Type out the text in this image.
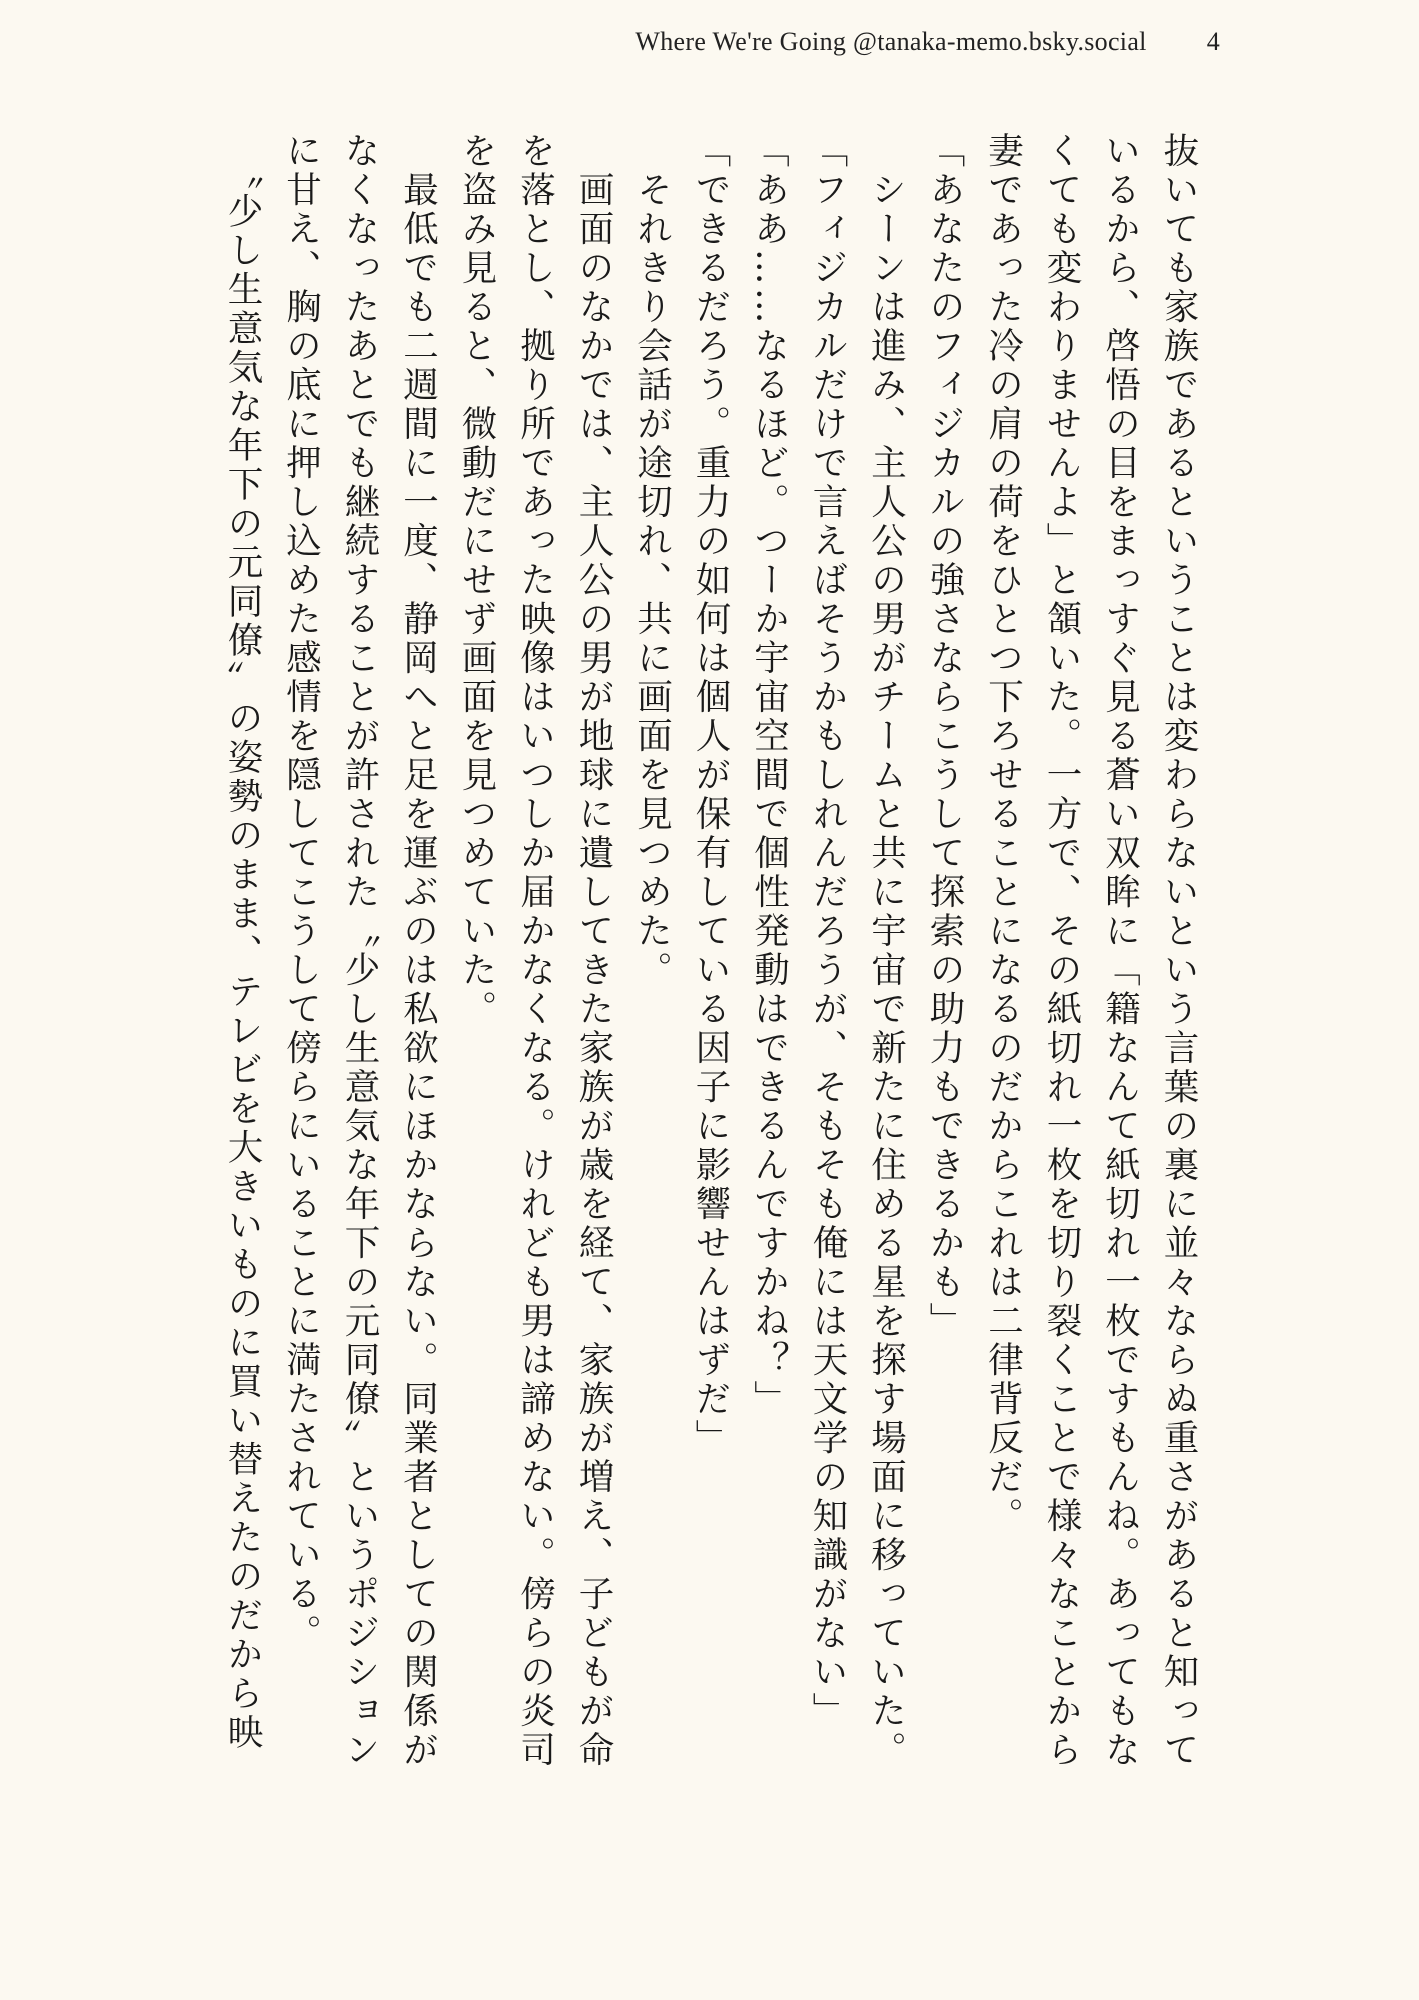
Where We're Going @tanaka-memo.bsky.social 4
抜いても家族であるということは変わらないという言葉の裏に並々ならぬ重さがあると知って
いるから、啓悟の目をまっすぐ見る蒼い双眸に「籍なんて紙切れ一枚ですもんね。あってもな
くても変わりませんよ」と頷いた。一方で、その紙切れ一枚を切り裂くことで様々なことから
妻であった冷の肩の荷をひとつ下ろせることになるのだからこれは二律背反だ。
「あなたのフィジカルの強さならこうして探索の助力もできるかも」
　シーンは進み、主人公の男がチームと共に宇宙で新たに住める星を探す場面に移っていた。
「フィジカルだけで言えばそうかもしれんだろうが、そもそも俺には天文学の知識がない」
「ああ……なるほど。つーか宇宙空間で個性発動はできるんですかね？」
「できるだろう。重力の如何は個人が保有している因子に影響せんはずだ」
　それきり会話が途切れ、共に画面を見つめた。
　画面のなかでは、主人公の男が地球に遺してきた家族が歳を経て、家族が増え、子どもが命
を落とし、拠り所であった映像はいつしか届かなくなる。けれども男は諦めない。傍らの炎司
を盗み見ると、微動だにせず画面を見つめていた。
　最低でも二週間に一度、静岡へと足を運ぶのは私欲にほかならない。同業者としての関係が
なくなったあとでも継続することが許された〝少し生意気な年下の元同僚〟というポジション
に甘え、胸の底に押し込めた感情を隠してこうして傍らにいることに満たされている。
　〝少し生意気な年下の元同僚〟の姿勢のまま、テレビを大きいものに買い替えたのだから映
